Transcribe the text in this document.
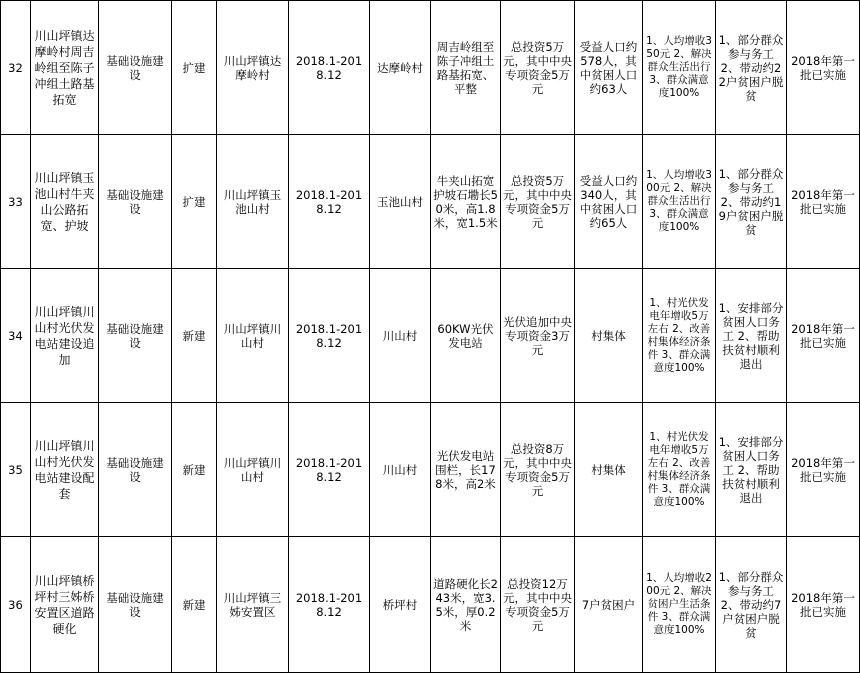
32	川山坪镇达摩岭村周吉岭组至陈子冲组土路基拓宽	基础设施建设	扩建	川山坪镇达摩岭村	2018.1-2018.12	达摩岭村	周吉岭组至陈子冲组土路基拓宽、平整	总投资5万元，其中中央专项资金5万元	受益人口约578人，其中贫困人口约63人	1、人均增收350元 2、解决群众生活出行 3、群众满意度100%	1、部分群众参与务工 2、带动约22户贫困户脱贫	2018年第一批已实施
33	川山坪镇玉池山村牛夹山公路拓宽、护坡	基础设施建设	扩建	川山坪镇玉池山村	2018.1-2018.12	玉池山村	牛夹山拓宽护坡石墈长50米，高1.8米，宽1.5米	总投资5万元，其中中央专项资金5万元	受益人口约340人，其中贫困人口约65人	1、人均增收300元 2、解决群众生活出行 3、群众满意度100%	1、部分群众参与务工 2、带动约19户贫困户脱贫	2018年第一批已实施
34	川山坪镇川山村光伏发电站建设追加	基础设施建设	新建	川山坪镇川山村	2018.1-2018.12	川山村	60KW光伏发电站	光伏追加中央专项资金3万元	村集体	1、村光伏发电年增收5万左右 2、改善村集体经济条件 3、群众满意度100%	1、安排部分贫困人口务工 2、帮助扶贫村顺利退出	2018年第一批已实施
35	川山坪镇川山村光伏发电站建设配套	基础设施建设	新建	川山坪镇川山村	2018.1-2018.12	川山村	光伏发电站围栏，长178米，高2米	总投资8万元，其中中央专项资金5万元	村集体	1、村光伏发电年增收5万左右 2、改善村集体经济条件 3、群众满意度100%	1、安排部分贫困人口务工 2、帮助扶贫村顺利退出	2018年第一批已实施
36	川山坪镇桥坪村三姊桥安置区道路硬化	基础设施建设	新建	川山坪镇三姊安置区	2018.1-2018.12	桥坪村	道路硬化长243米，宽3.5米，厚0.2米	总投资12万元，其中中央专项资金5万元	7户贫困户	1、人均增收200元 2、解决贫困户生活条件 3、群众满意度100%	1、部分群众参与务工 2、带动约7户贫困户脱贫	2018年第一批已实施
